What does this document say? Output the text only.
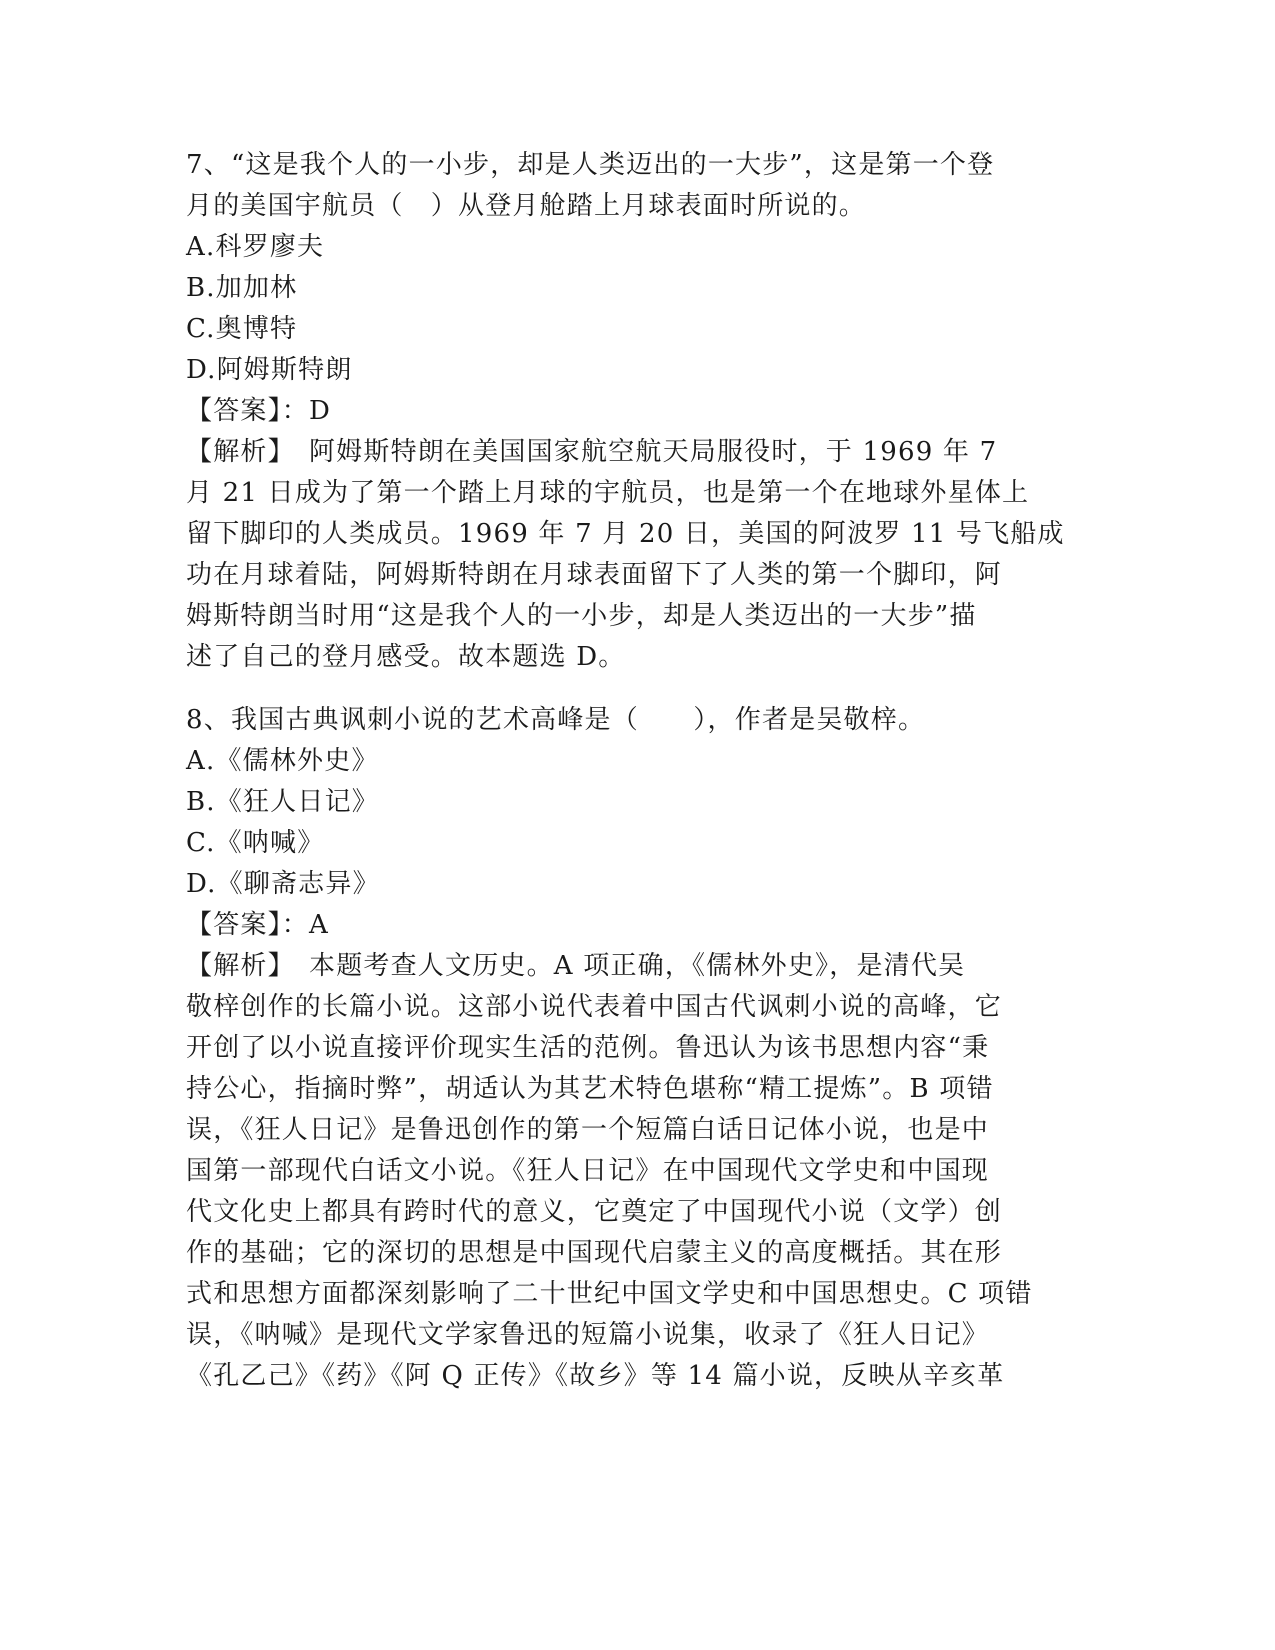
7、“这是我个人的一小步，却是人类迈出的一大步”，这是第一个登
月的美国宇航员（　）从登月舱踏上月球表面时所说的。
A.科罗廖夫
B.加加林
C.奥博特
D.阿姆斯特朗
【答案】：D
【解析】　阿姆斯特朗在美国国家航空航天局服役时，于 1969 年 7
月 21 日成为了第一个踏上月球的宇航员，也是第一个在地球外星体上
留下脚印的人类成员。1969 年 7 月 20 日，美国的阿波罗 11 号飞船成
功在月球着陆，阿姆斯特朗在月球表面留下了人类的第一个脚印，阿
姆斯特朗当时用“这是我个人的一小步，却是人类迈出的一大步”描
述了自己的登月感受。故本题选 D。
8、我国古典讽刺小说的艺术高峰是（　　），作者是吴敬梓。
A.《儒林外史》
B.《狂人日记》
C.《呐喊》
D.《聊斋志异》
【答案】：A
【解析】　本题考查人文历史。A 项正确，《儒林外史》，是清代吴
敬梓创作的长篇小说。这部小说代表着中国古代讽刺小说的高峰，它
开创了以小说直接评价现实生活的范例。鲁迅认为该书思想内容“秉
持公心，指摘时弊”，胡适认为其艺术特色堪称“精工提炼”。B 项错
误，《狂人日记》是鲁迅创作的第一个短篇白话日记体小说，也是中
国第一部现代白话文小说。《狂人日记》在中国现代文学史和中国现
代文化史上都具有跨时代的意义，它奠定了中国现代小说（文学）创
作的基础；它的深切的思想是中国现代启蒙主义的高度概括。其在形
式和思想方面都深刻影响了二十世纪中国文学史和中国思想史。C 项错
误，《呐喊》是现代文学家鲁迅的短篇小说集，收录了《狂人日记》
《孔乙己》《药》《阿 Q 正传》《故乡》等 14 篇小说，反映从辛亥革
